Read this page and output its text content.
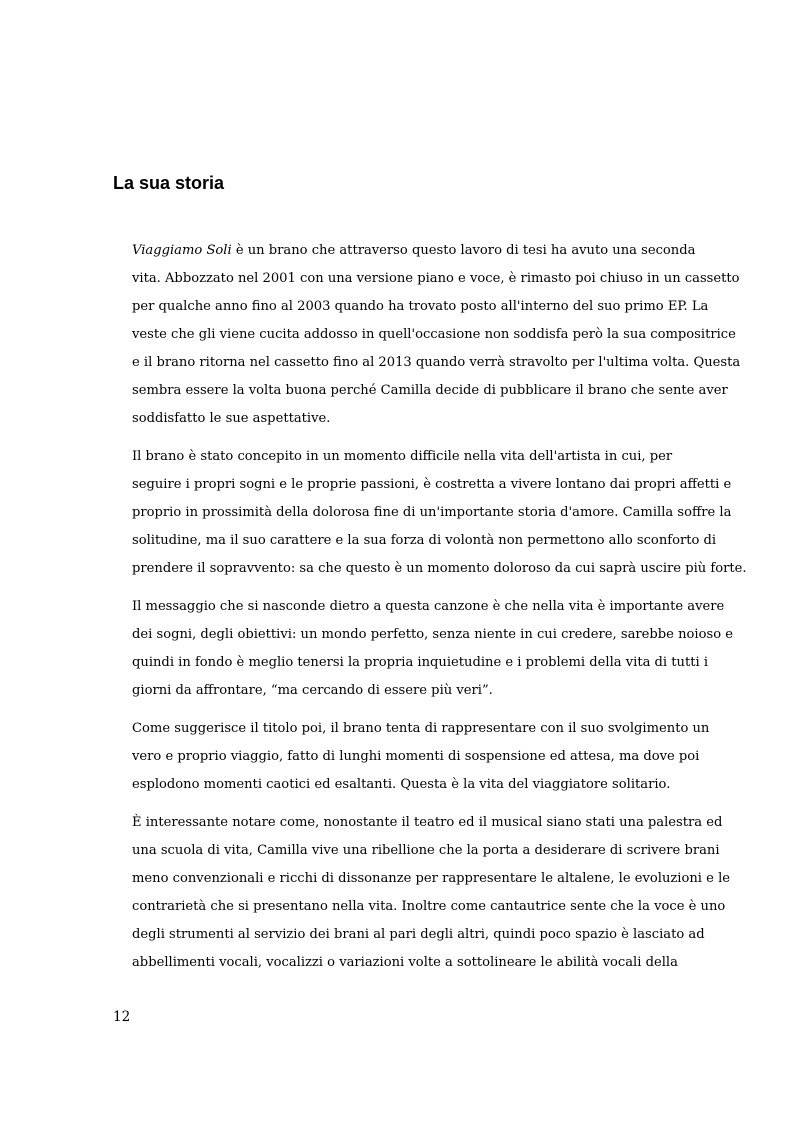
La sua storia

Viaggiamo Soli è un brano che attraverso questo lavoro di tesi ha avuto una seconda
vita. Abbozzato nel 2001 con una versione piano e voce, è rimasto poi chiuso in un cassetto
per qualche anno fino al 2003 quando ha trovato posto all'interno del suo primo EP. La
veste che gli viene cucita addosso in quell'occasione non soddisfa però la sua compositrice
e il brano ritorna nel cassetto fino al 2013 quando verrà stravolto per l'ultima volta. Questa
sembra essere la volta buona perché Camilla decide di pubblicare il brano che sente aver
soddisfatto le sue aspettative.

Il brano è stato concepito in un momento difficile nella vita dell'artista in cui, per
seguire i propri sogni e le proprie passioni, è costretta a vivere lontano dai propri affetti e
proprio in prossimità della dolorosa fine di un'importante storia d'amore. Camilla soffre la
solitudine, ma il suo carattere e la sua forza di volontà non permettono allo sconforto di
prendere il sopravvento: sa che questo è un momento doloroso da cui saprà uscire più forte.

Il messaggio che si nasconde dietro a questa canzone è che nella vita è importante avere
dei sogni, degli obiettivi: un mondo perfetto, senza niente in cui credere, sarebbe noioso e
quindi in fondo è meglio tenersi la propria inquietudine e i problemi della vita di tutti i
giorni da affrontare, “ma cercando di essere più veri”.

Come suggerisce il titolo poi, il brano tenta di rappresentare con il suo svolgimento un
vero e proprio viaggio, fatto di lunghi momenti di sospensione ed attesa, ma dove poi
esplodono momenti caotici ed esaltanti. Questa è la vita del viaggiatore solitario.

È interessante notare come, nonostante il teatro ed il musical siano stati una palestra ed
una scuola di vita, Camilla vive una ribellione che la porta a desiderare di scrivere brani
meno convenzionali e ricchi di dissonanze per rappresentare le altalene, le evoluzioni e le
contrarietà che si presentano nella vita. Inoltre come cantautrice sente che la voce è uno
degli strumenti al servizio dei brani al pari degli altri, quindi poco spazio è lasciato ad
abbellimenti vocali, vocalizzi o variazioni volte a sottolineare le abilità vocali della

12
